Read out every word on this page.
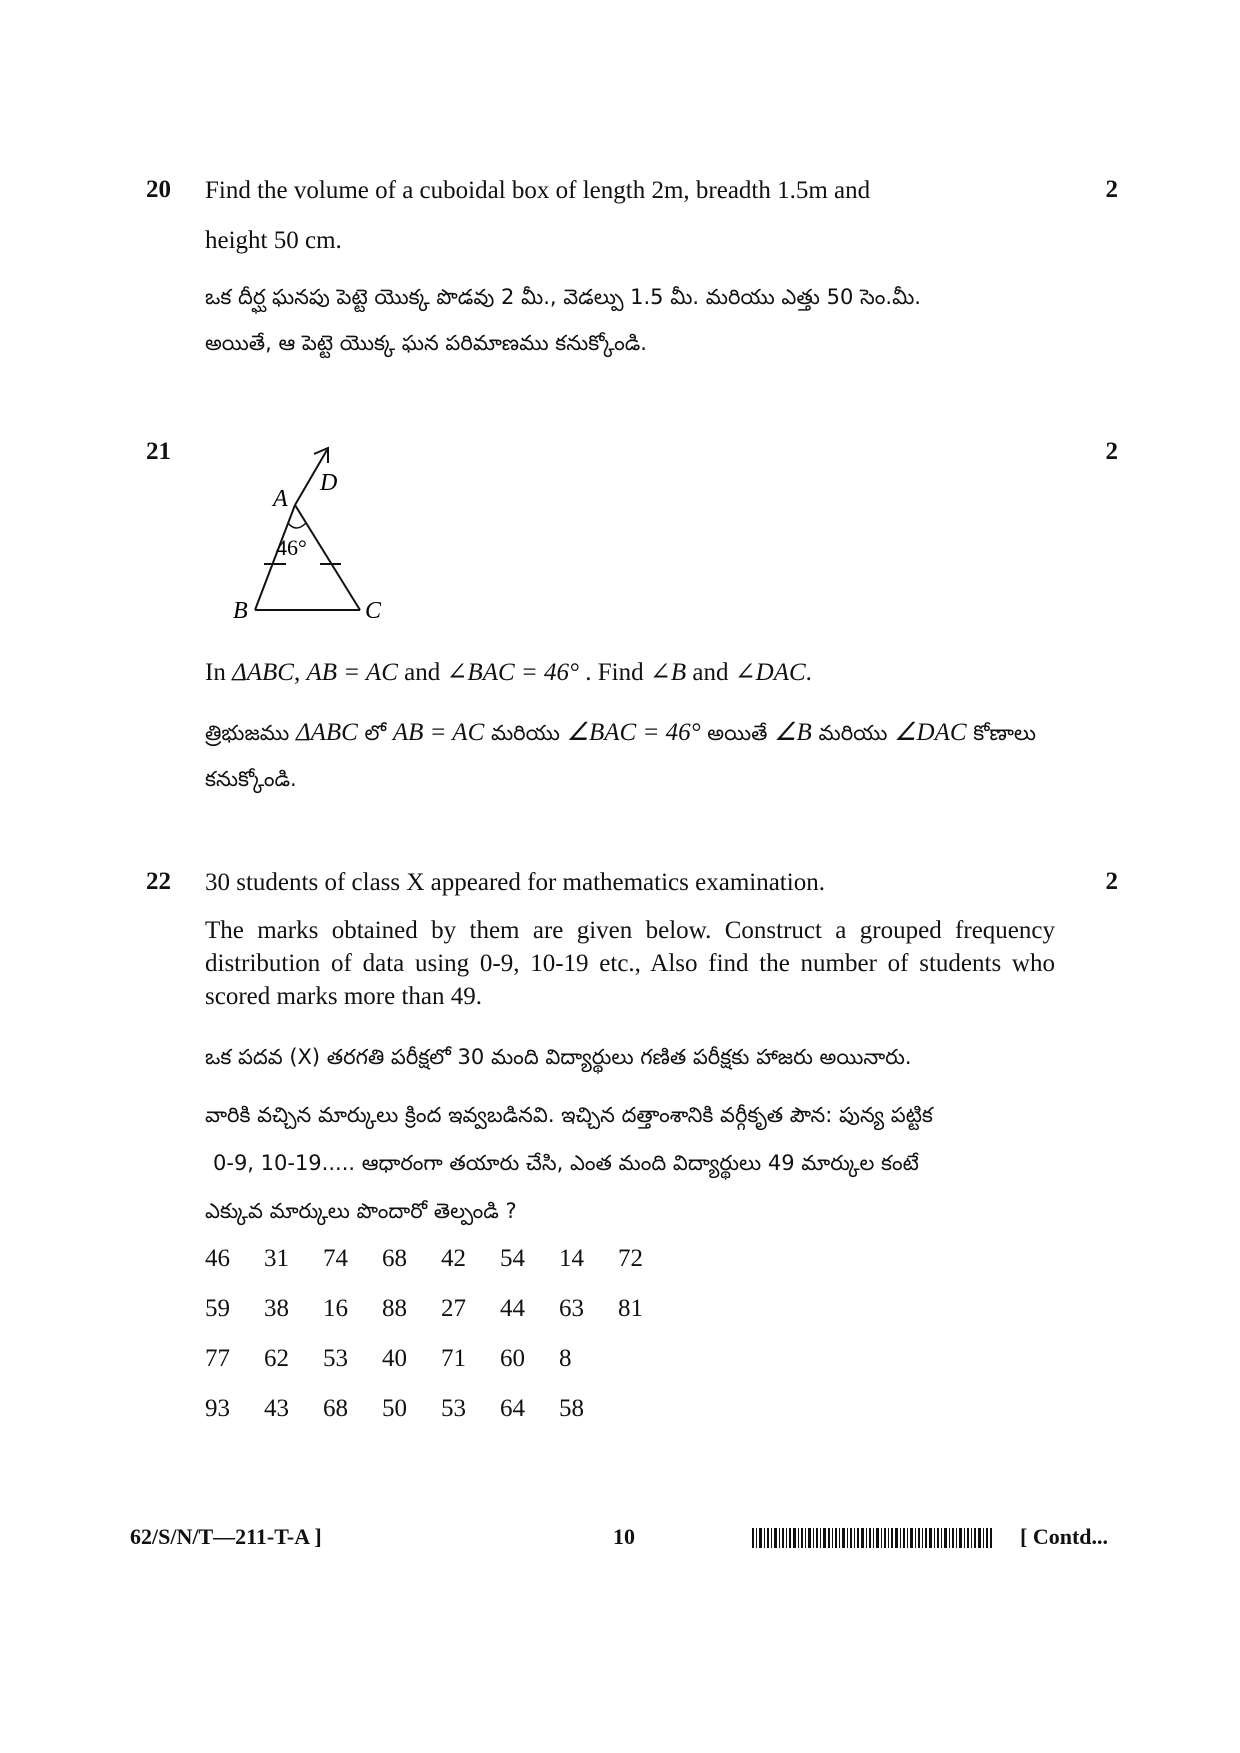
20	2
Find the volume of a cuboidal box of length 2m, breadth 1.5m and
height 50 cm.
ఒక దీర్ఘ ఘనపు పెట్టె యొక్క పొడవు 2 మీ., వెడల్పు 1.5 మీ. మరియు ఎత్తు 50 సెం.మీ.
అయితే, ఆ పెట్టె యొక్క ఘన పరిమాణము కనుక్కోండి.
21	2
A
D
B	C
46°
In ΔABC, AB = AC and ∠BAC = 46° . Find ∠B and ∠DAC.
త్రిభుజము ΔABC లో AB = AC మరియు ∠BAC = 46° అయితే ∠B మరియు ∠DAC కోణాలు కనుక్కోండి.
22	2
30 students of class X appeared for mathematics examination.
The marks obtained by them are given below. Construct a grouped frequency distribution of data using 0-9, 10-19 etc., Also find the number of students who scored marks more than 49.
ఒక పదవ (X) తరగతి పరీక్షలో 30 మంది విద్యార్థులు గణిత పరీక్షకు హాజరు అయినారు.
వారికి వచ్చిన మార్కులు క్రింద ఇవ్వబడినవి. ఇచ్చిన దత్తాంశానికి వర్గీకృత పౌన: పున్య పట్టిక
0-9, 10-19..... ఆధారంగా తయారు చేసి, ఎంత మంది విద్యార్థులు 49 మార్కుల కంటే
ఎక్కువ మార్కులు పొందారో తెల్పండి ?
46 31 74 68 42 54 14 72
59 38 16 88 27 44 63 81
77 62 53 40 71 60 8
93 43 68 50 53 64 58
62/S/N/T—211-T-A ]	10	[ Contd...
